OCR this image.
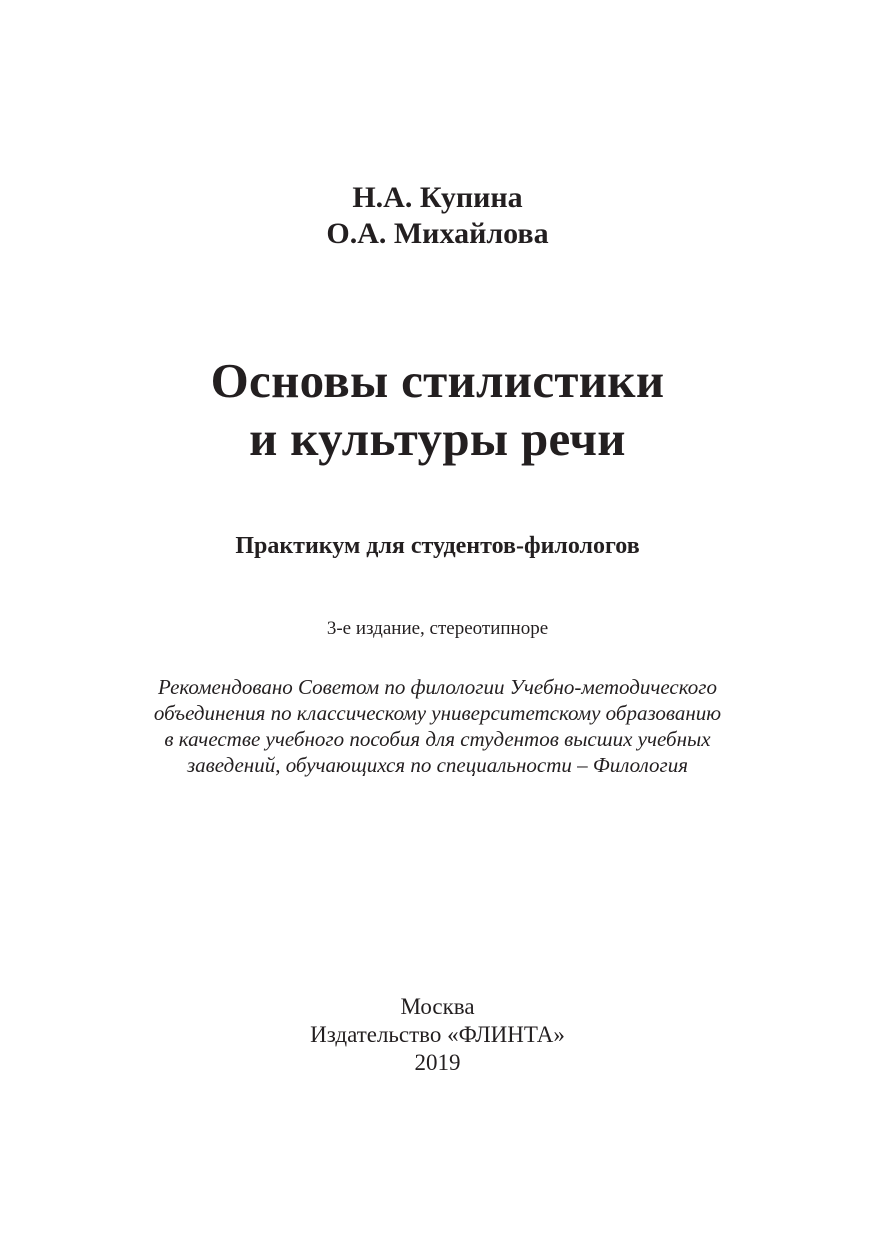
Н.А. Купина
О.А. Михайлова
Основы стилистики
и культуры речи
Практикум для студентов-филологов
3-е издание, стереотипноре
Рекомендовано Советом по филологии Учебно-методического
объединения по классическому университетскому образованию
в качестве учебного пособия для студентов высших учебных
заведений, обучающихся по специальности – Филология
Москва
Издательство «ФЛИНТА»
2019
